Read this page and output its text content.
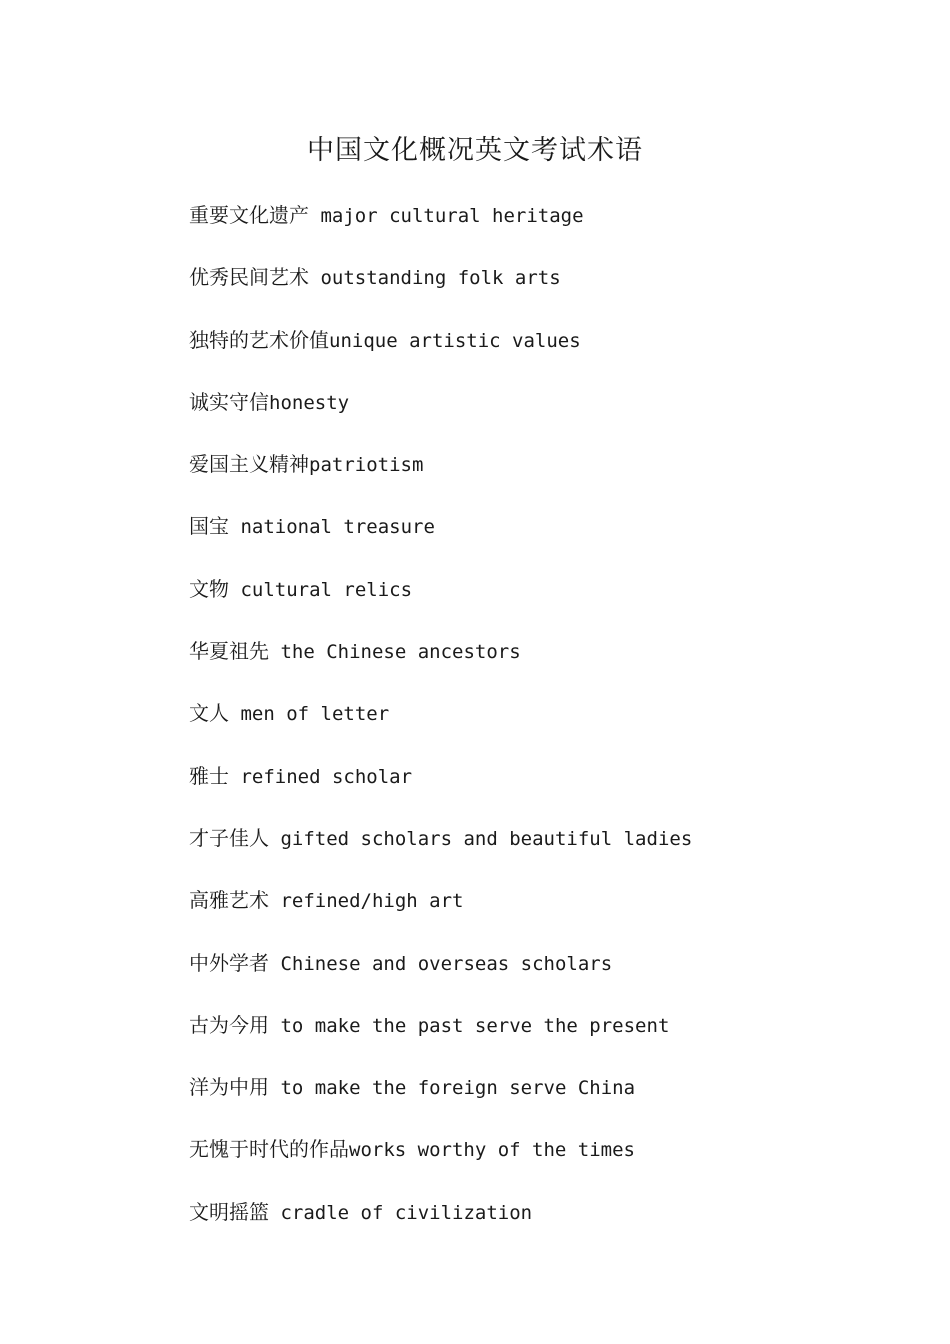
中国文化概况英文考试术语
重要文化遗产 major cultural heritage
优秀民间艺术 outstanding folk arts
独特的艺术价值unique artistic values
诚实守信honesty
爱国主义精神patriotism
国宝 national treasure
文物 cultural relics
华夏祖先 the Chinese ancestors
文人 men of letter
雅士 refined scholar
才子佳人 gifted scholars and beautiful ladies
高雅艺术 refined/high art
中外学者 Chinese and overseas scholars
古为今用 to make the past serve the present
洋为中用 to make the foreign serve China
无愧于时代的作品works worthy of the times
文明摇篮 cradle of civilization
